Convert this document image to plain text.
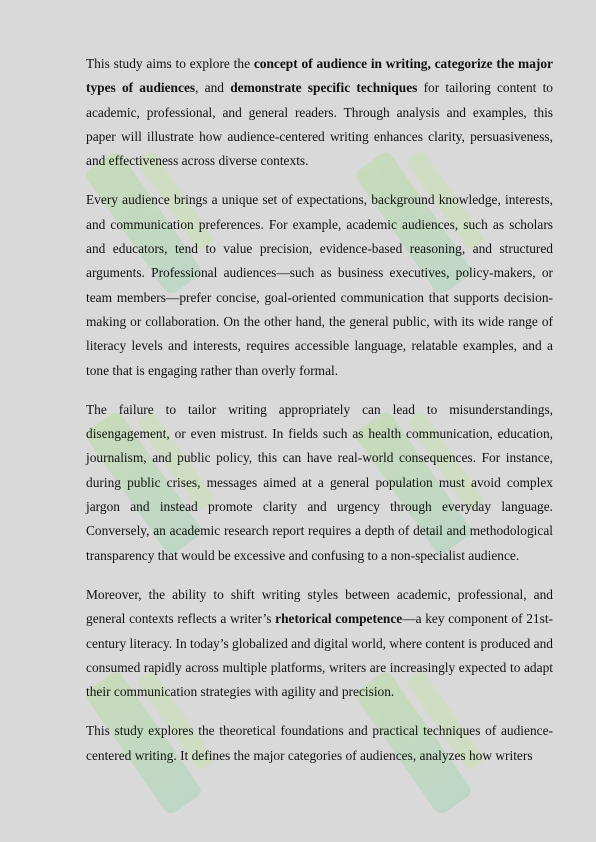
This study aims to explore the concept of audience in writing, categorize the major types of audiences, and demonstrate specific techniques for tailoring content to academic, professional, and general readers. Through analysis and examples, this paper will illustrate how audience-centered writing enhances clarity, persuasiveness, and effectiveness across diverse contexts.

Every audience brings a unique set of expectations, background knowledge, interests, and communication preferences. For example, academic audiences, such as scholars and educators, tend to value precision, evidence-based reasoning, and structured arguments. Professional audiences—such as business executives, policy-makers, or team members—prefer concise, goal-oriented communication that supports decision-making or collaboration. On the other hand, the general public, with its wide range of literacy levels and interests, requires accessible language, relatable examples, and a tone that is engaging rather than overly formal.

The failure to tailor writing appropriately can lead to misunderstandings, disengagement, or even mistrust. In fields such as health communication, education, journalism, and public policy, this can have real-world consequences. For instance, during public crises, messages aimed at a general population must avoid complex jargon and instead promote clarity and urgency through everyday language. Conversely, an academic research report requires a depth of detail and methodological transparency that would be excessive and confusing to a non-specialist audience.

Moreover, the ability to shift writing styles between academic, professional, and general contexts reflects a writer’s rhetorical competence—a key component of 21st-century literacy. In today’s globalized and digital world, where content is produced and consumed rapidly across multiple platforms, writers are increasingly expected to adapt their communication strategies with agility and precision.

This study explores the theoretical foundations and practical techniques of audience-centered writing. It defines the major categories of audiences, analyzes how writers
